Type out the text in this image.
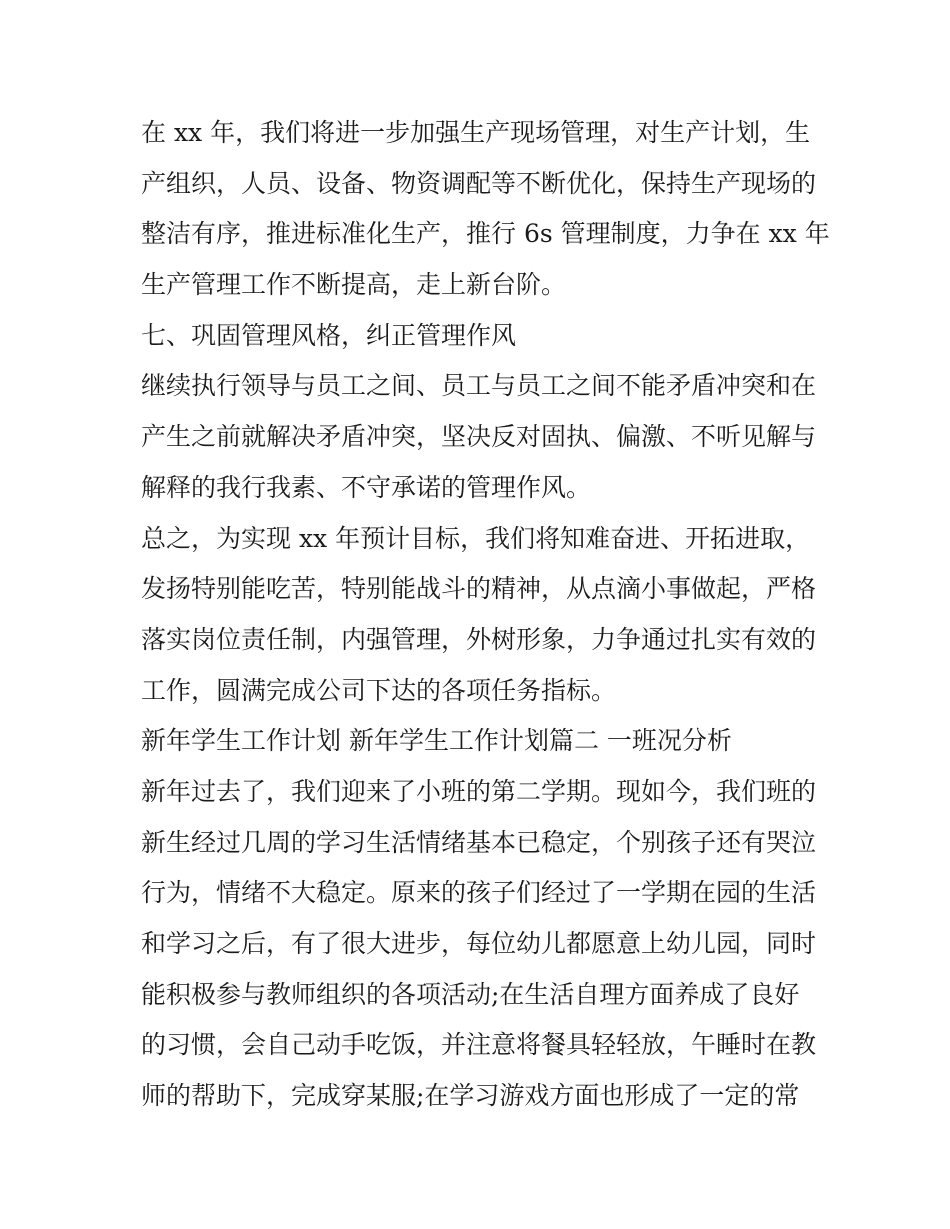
在 xx 年，我们将进一步加强生产现场管理，对生产计划，生
产组织，人员、设备、物资调配等不断优化，保持生产现场的
整洁有序，推进标准化生产，推行 6s 管理制度，力争在 xx 年
生产管理工作不断提高，走上新台阶。
七、巩固管理风格，纠正管理作风
继续执行领导与员工之间、员工与员工之间不能矛盾冲突和在
产生之前就解决矛盾冲突，坚决反对固执、偏激、不听见解与
解释的我行我素、不守承诺的管理作风。
总之，为实现 xx 年预计目标，我们将知难奋进、开拓进取，
发扬特别能吃苦，特别能战斗的精神，从点滴小事做起，严格
落实岗位责任制，内强管理，外树形象，力争通过扎实有效的
工作，圆满完成公司下达的各项任务指标。
新年学生工作计划 新年学生工作计划篇二 一班况分析
新年过去了，我们迎来了小班的第二学期。现如今，我们班的
新生经过几周的学习生活情绪基本已稳定，个别孩子还有哭泣
行为，情绪不大稳定。原来的孩子们经过了一学期在园的生活
和学习之后，有了很大进步，每位幼儿都愿意上幼儿园，同时
能积极参与教师组织的各项活动;在生活自理方面养成了良好
的习惯，会自己动手吃饭，并注意将餐具轻轻放，午睡时在教
师的帮助下，完成穿某服;在学习游戏方面也形成了一定的常
